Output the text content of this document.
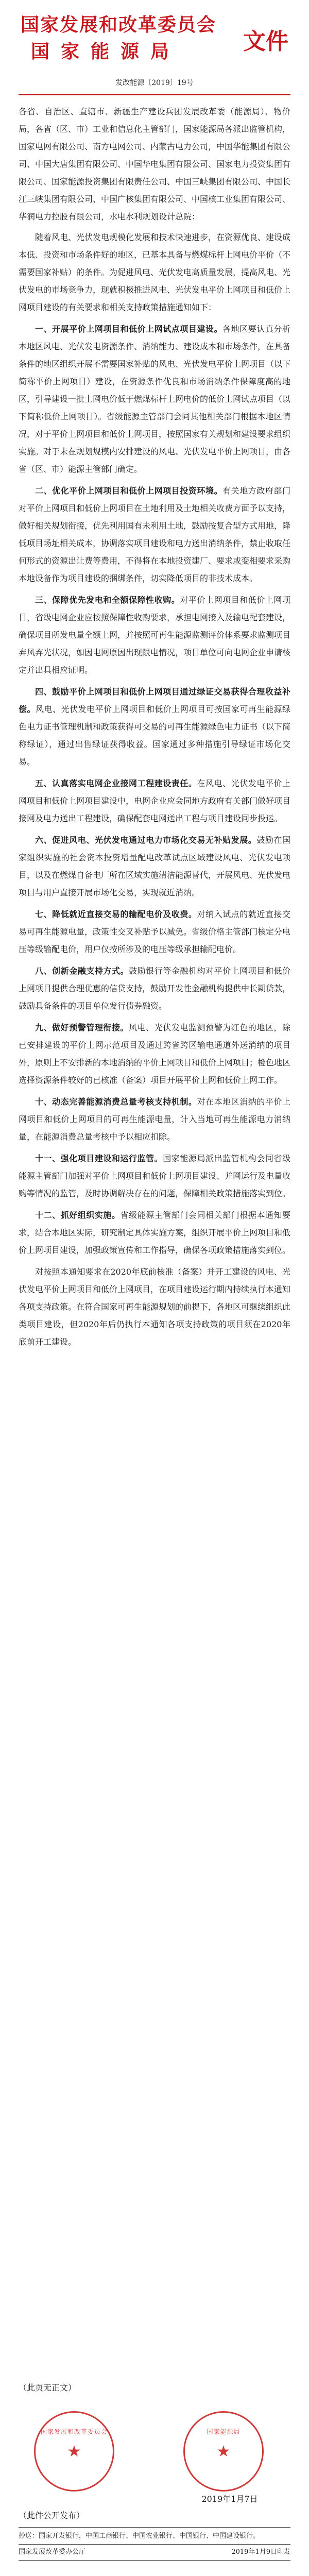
国家发展和改革委员会
国家能源局	文件
发改能源〔2019〕19号

各省、自治区、直辖市、新疆生产建设兵团发展改革委（能源局）、物价局，各省（区、市）工业和信息化主管部门，国家能源局各派出监管机构，国家电网有限公司、南方电网公司、内蒙古电力公司，中国华能集团有限公司、中国大唐集团有限公司、中国华电集团有限公司、国家电力投资集团有限公司、国家能源投资集团有限责任公司、中国三峡集团有限公司、中国长江三峡集团有限公司、中国广核集团有限公司、中国核工业集团有限公司、华润电力控股有限公司，水电水利规划设计总院：

随着风电、光伏发电规模化发展和技术快速进步，在资源优良、建设成本低、投资和市场条件好的地区，已基本具备与燃煤标杆上网电价平价（不需要国家补贴）的条件。为促进风电、光伏发电高质量发展，提高风电、光伏发电的市场竞争力，现就积极推进风电、光伏发电平价上网项目和低价上网项目建设的有关要求和相关支持政策措施通知如下：

一、开展平价上网项目和低价上网试点项目建设。各地区要认真分析本地区风电、光伏发电资源条件、消纳能力、建设成本和市场条件，在具备条件的地区组织开展不需要国家补贴的风电、光伏发电平价上网项目（以下简称平价上网项目）建设，在资源条件优良和市场消纳条件保障度高的地区，引导建设一批上网电价低于燃煤标杆上网电价的低价上网试点项目（以下简称低价上网项目）。省级能源主管部门会同其他相关部门根据本地区情况，对于平价上网项目和低价上网项目，按照国家有关规划和建设要求组织实施。对于未在规划规模内安排建设的风电、光伏发电平价上网项目，由各省（区、市）能源主管部门确定。

二、优化平价上网项目和低价上网项目投资环境。有关地方政府部门对平价上网项目和低价上网项目在土地利用及土地相关收费方面予以支持，做好相关规划衔接，优先利用国有未利用土地，鼓励按复合型方式用地，降低项目场址相关成本，协调落实项目建设和电力送出消纳条件，禁止收取任何形式的资源出让费等费用，不得将在本地投资建厂、要求或变相要求采购本地设备作为项目建设的捆绑条件，切实降低项目的非技术成本。

三、保障优先发电和全额保障性收购。对平价上网项目和低价上网项目，省级电网企业应按照保障性收购要求，承担电网接入及输电配套建设，确保项目所发电量全额上网，并按照可再生能源监测评价体系要求监测项目弃风弃光状况，如因电网原因出现限电情况，项目单位可向电网企业申请核定并出具相应证明。

四、鼓励平价上网项目和低价上网项目通过绿证交易获得合理收益补偿。风电、光伏发电平价上网项目和低价上网项目可按国家可再生能源绿色电力证书管理机制和政策获得可交易的可再生能源绿色电力证书（以下简称绿证），通过出售绿证获得收益。国家通过多种措施引导绿证市场化交易。

五、认真落实电网企业接网工程建设责任。在风电、光伏发电平价上网项目和低价上网项目建设中，电网企业应会同地方政府有关部门做好项目接网及电力送出工程建设，确保配套电网送出工程与项目建设同步投运。

六、促进风电、光伏发电通过电力市场化交易无补贴发展。鼓励在国家组织实施的社会资本投资增量配电改革试点区域建设风电、光伏发电项目，以及在燃煤自备电厂所在区域实施清洁能源替代，开展风电、光伏发电项目与用户直接开展市场化交易，实现就近消纳。

七、降低就近直接交易的输配电价及收费。对纳入试点的就近直接交易可再生能源电量，政策性交叉补贴予以减免。省级价格主管部门核定分电压等级输配电价，用户仅按所涉及的电压等级承担输配电价。

八、创新金融支持方式。鼓励银行等金融机构对平价上网项目和低价上网项目提供合理优惠的信贷支持，鼓励开发性金融机构提供中长期贷款，鼓励具备条件的项目单位发行债券融资。

九、做好预警管理衔接。风电、光伏发电监测预警为红色的地区，除已安排建设的平价上网示范项目及通过跨省跨区输电通道外送消纳的项目外，原则上不安排新的本地消纳的平价上网项目和低价上网项目；橙色地区选择资源条件较好的已核准（备案）项目开展平价上网和低价上网工作。

十、动态完善能源消费总量考核支持机制。对在本地区消纳的平价上网项目和低价上网项目的可再生能源电量，计入当地可再生能源电力消纳量，在能源消费总量考核中予以相应扣除。

十一、强化项目建设和运行监管。国家能源局派出监管机构会同省级能源主管部门加强对平价上网项目和低价上网项目建设、并网运行及电量收购等情况的监管，及时协调解决存在的问题，保障相关政策措施落实到位。

十二、抓好组织实施。省级能源主管部门会同相关部门根据本通知要求，结合本地区实际，研究制定具体实施方案，组织开展平价上网项目和低价上网项目建设，加强政策宣传和工作指导，确保各项政策措施落实到位。

对按照本通知要求在2020年底前核准（备案）并开工建设的风电、光伏发电平价上网项目和低价上网项目，在项目建设运行期内持续执行本通知各项支持政策。在符合国家可再生能源规划的前提下，各地区可继续组织此类项目建设，但2020年后仍执行本通知各项支持政策的项目须在2020年底前开工建设。

（此页无正文）
国家发展和改革委员会
★
国家能源局
★
2019年1月7日
（此件公开发布）
抄送：国家开发银行，中国工商银行、中国农业银行、中国银行、中国建设银行。
国家发展改革委办公厅	2019年1月9日印发
